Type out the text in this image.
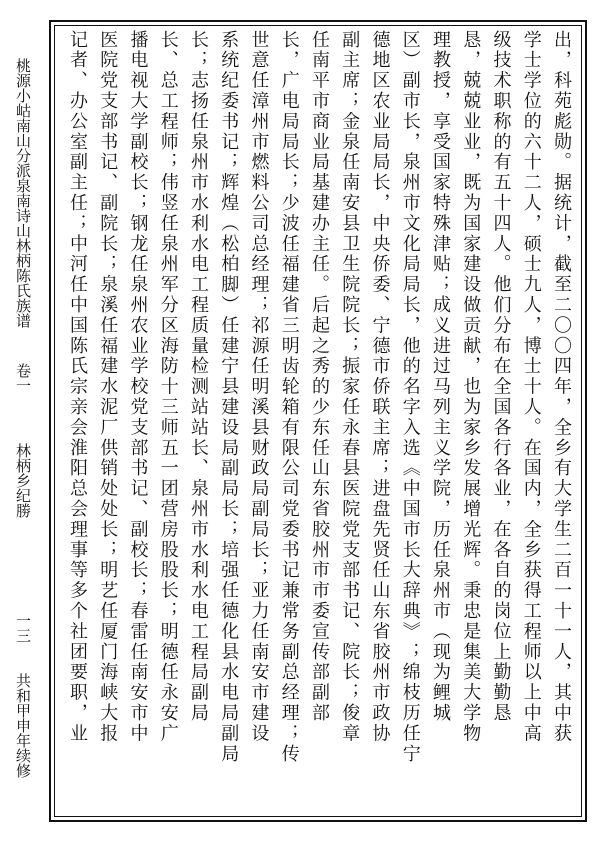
桃源小岵南山分派泉南诗山林柄陈氏族谱
卷一
林柄乡纪勝
一三
共和甲申年续修	出，科苑彪勋。据统计，截至二〇〇四年，全乡有大学生二百一十一人，其中获
学士学位的六十二人，硕士九人，博士十人。在国内，全乡获得工程师以上中高
级技术职称的有五十四人。他们分布在全国各行各业，在各自的岗位上勤勤恳
恳，兢兢业业，既为国家建设做贡献，也为家乡发展增光辉。秉忠是集美大学物
理教授，享受国家特殊津贴；成义进过马列主义学院，历任泉州市（现为鲤城
区）副市长，泉州市文化局局长，他的名字入选《中国市长大辞典》；绵枝历任宁
德地区农业局局长，中央侨委、宁德市侨联主席；进盘先贤任山东省胶州市政协
副主席；金泉任南安县卫生院院长；振家任永春县医院党支部书记、院长；俊章
任南平市商业局基建办主任。后起之秀的少东任山东省胶州市市委宣传部副部
长，广电局局长；少波任福建省三明齿轮箱有限公司党委书记兼常务副总经理；传
世意任漳州市燃料公司总经理；祁源任明溪县财政局副局长；亚力任南安市建设
系统纪委书记；辉煌（松柏脚）任建宁县建设局副局长；培强任德化县水电局副局
长；志扬任泉州市水利水电工程质量检测站站长、泉州市水利水电工程局副局
长、总工程师；伟竖任泉州军分区海防十三师五一团营房股股长；明德任永安广
播电视大学副校长；钢龙任泉州农业学校党支部书记、副校长；春雷任南安市中
医院党支部书记、副院长；泉溪任福建水泥厂供销处处长；明艺任厦门海峡大报
记者、办公室副主任；中河任中国陈氏宗亲会淮阳总会理事等多个社团要职，业
